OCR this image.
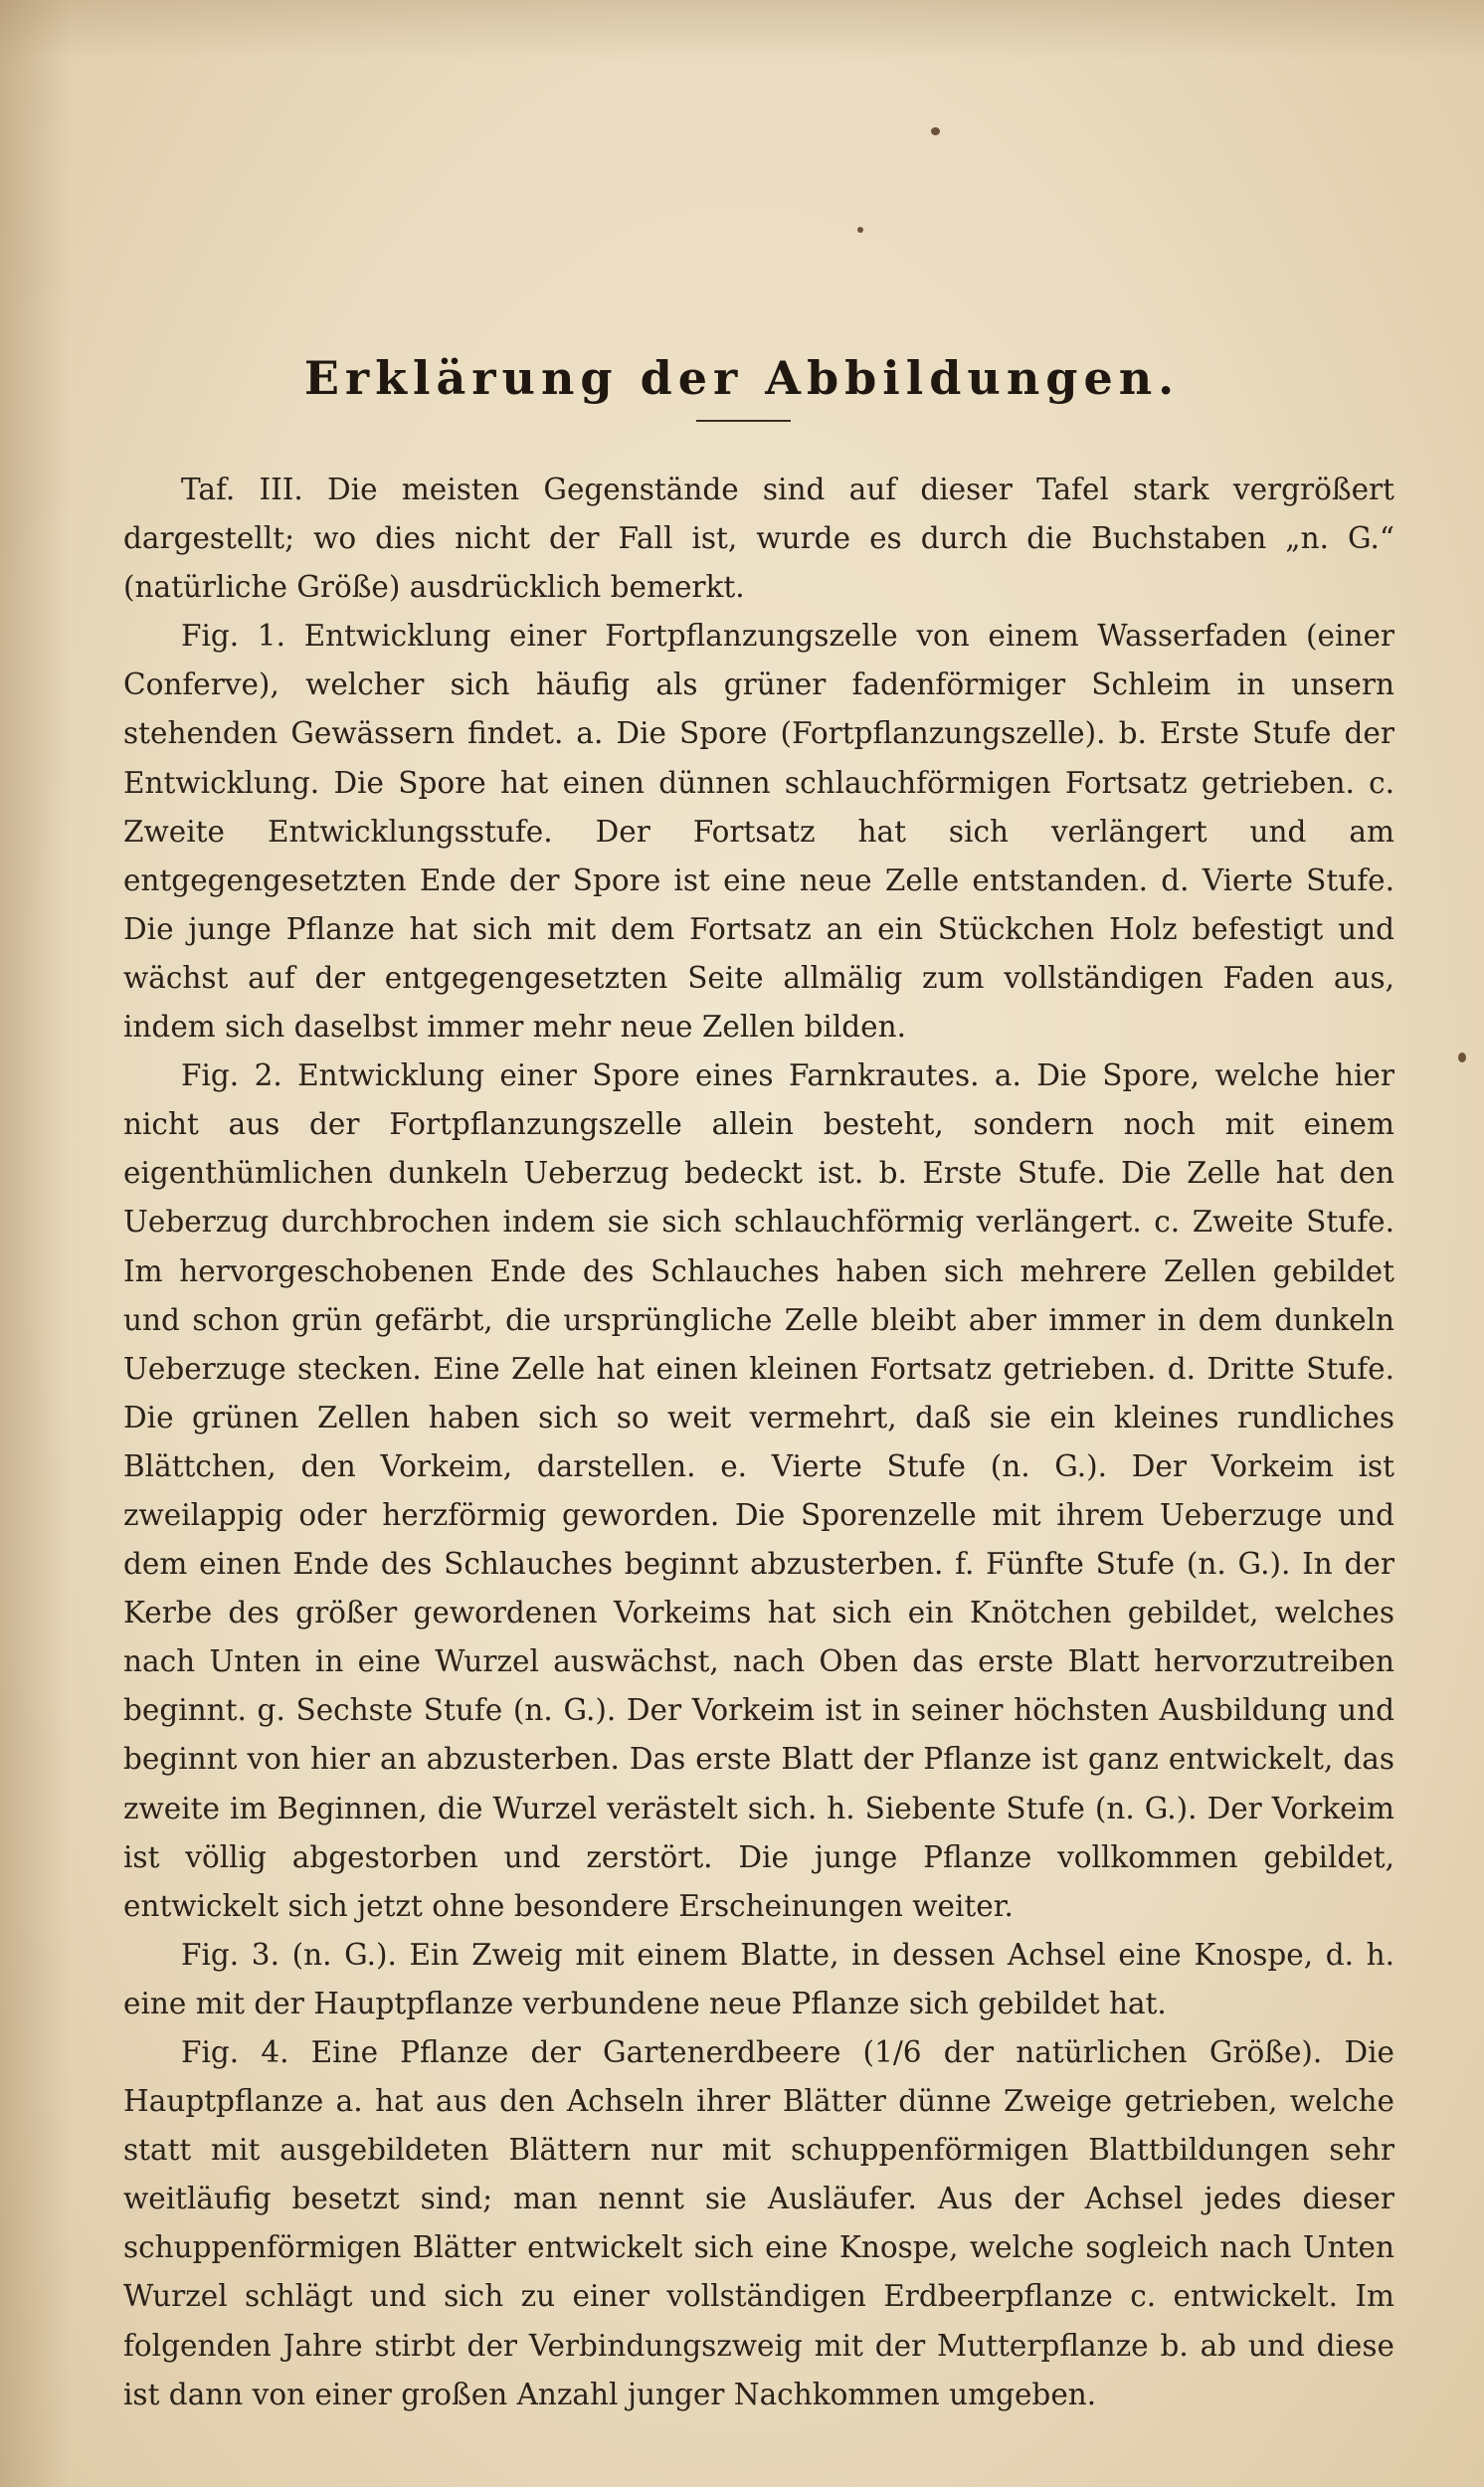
Erklärung der Abbildungen.

Taf. III. Die meisten Gegenstände sind auf dieser Tafel stark vergrößert dargestellt; wo dies nicht der Fall ist, wurde es durch die Buchstaben „n. G.“ (natürliche Größe) ausdrücklich bemerkt.

Fig. 1. Entwicklung einer Fortpflanzungszelle von einem Wasserfaden (einer Conferve), welcher sich häufig als grüner fadenförmiger Schleim in unsern stehenden Gewässern findet. a. Die Spore (Fortpflanzungszelle). b. Erste Stufe der Entwicklung. Die Spore hat einen dünnen schlauchförmigen Fortsatz getrieben. c. Zweite Entwicklungsstufe. Der Fortsatz hat sich verlängert und am entgegengesetzten Ende der Spore ist eine neue Zelle entstanden. d. Vierte Stufe. Die junge Pflanze hat sich mit dem Fortsatz an ein Stückchen Holz befestigt und wächst auf der entgegengesetzten Seite allmälig zum vollständigen Faden aus, indem sich daselbst immer mehr neue Zellen bilden.

Fig. 2. Entwicklung einer Spore eines Farnkrautes. a. Die Spore, welche hier nicht aus der Fortpflanzungszelle allein besteht, sondern noch mit einem eigenthümlichen dunkeln Ueberzug bedeckt ist. b. Erste Stufe. Die Zelle hat den Ueberzug durchbrochen indem sie sich schlauchförmig verlängert. c. Zweite Stufe. Im hervorgeschobenen Ende des Schlauches haben sich mehrere Zellen gebildet und schon grün gefärbt, die ursprüngliche Zelle bleibt aber immer in dem dunkeln Ueberzuge stecken. Eine Zelle hat einen kleinen Fortsatz getrieben. d. Dritte Stufe. Die grünen Zellen haben sich so weit vermehrt, daß sie ein kleines rundliches Blättchen, den Vorkeim, darstellen. e. Vierte Stufe (n. G.). Der Vorkeim ist zweilappig oder herzförmig geworden. Die Sporenzelle mit ihrem Ueberzuge und dem einen Ende des Schlauches beginnt abzusterben. f. Fünfte Stufe (n. G.). In der Kerbe des größer gewordenen Vorkeims hat sich ein Knötchen gebildet, welches nach Unten in eine Wurzel auswächst, nach Oben das erste Blatt hervorzutreiben beginnt. g. Sechste Stufe (n. G.). Der Vorkeim ist in seiner höchsten Ausbildung und beginnt von hier an abzusterben. Das erste Blatt der Pflanze ist ganz entwickelt, das zweite im Beginnen, die Wurzel verästelt sich. h. Siebente Stufe (n. G.). Der Vorkeim ist völlig abgestorben und zerstört. Die junge Pflanze vollkommen gebildet, entwickelt sich jetzt ohne besondere Erscheinungen weiter.

Fig. 3. (n. G.). Ein Zweig mit einem Blatte, in dessen Achsel eine Knospe, d. h. eine mit der Hauptpflanze verbundene neue Pflanze sich gebildet hat.

Fig. 4. Eine Pflanze der Gartenerdbeere (1/6 der natürlichen Größe). Die Hauptpflanze a. hat aus den Achseln ihrer Blätter dünne Zweige getrieben, welche statt mit ausgebildeten Blättern nur mit schuppenförmigen Blattbildungen sehr weitläufig besetzt sind; man nennt sie Ausläufer. Aus der Achsel jedes dieser schuppenförmigen Blätter entwickelt sich eine Knospe, welche sogleich nach Unten Wurzel schlägt und sich zu einer vollständigen Erdbeerpflanze c. entwickelt. Im folgenden Jahre stirbt der Verbindungszweig mit der Mutterpflanze b. ab und diese ist dann von einer großen Anzahl junger Nachkommen umgeben.
